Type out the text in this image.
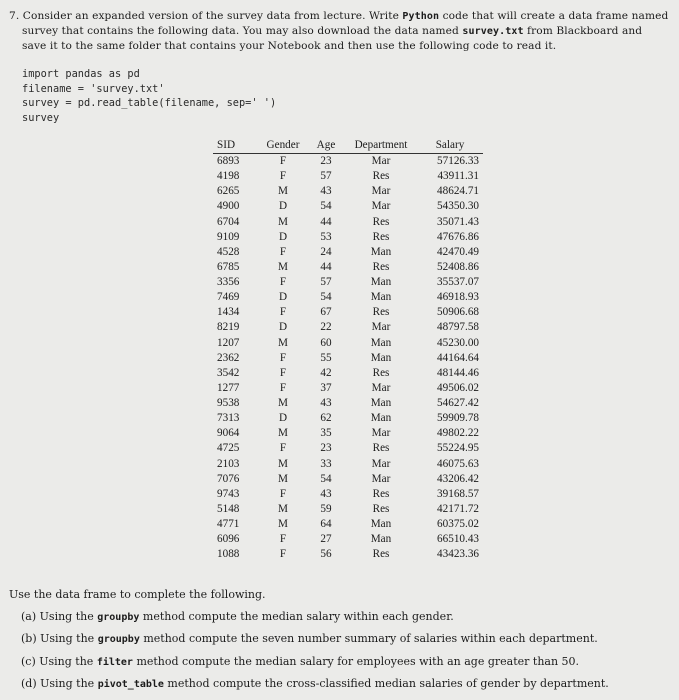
7. Consider an expanded version of the survey data from lecture. Write Python code that will create a data frame named
survey that contains the following data. You may also download the data named survey.txt from Blackboard and
save it to the same folder that contains your Notebook and then use the following code to read it.
import pandas as pd
filename = 'survey.txt'
survey = pd.read_table(filename, sep=' ')
survey
SID	Gender	Age	Department	Salary
6893	F	23	Mar	57126.33
4198	F	57	Res	43911.31
6265	M	43	Mar	48624.71
4900	D	54	Mar	54350.30
6704	M	44	Res	35071.43
9109	D	53	Res	47676.86
4528	F	24	Man	42470.49
6785	M	44	Res	52408.86
3356	F	57	Man	35537.07
7469	D	54	Man	46918.93
1434	F	67	Res	50906.68
8219	D	22	Mar	48797.58
1207	M	60	Man	45230.00
2362	F	55	Man	44164.64
3542	F	42	Res	48144.46
1277	F	37	Mar	49506.02
9538	M	43	Man	54627.42
7313	D	62	Man	59909.78
9064	M	35	Mar	49802.22
4725	F	23	Res	55224.95
2103	M	33	Mar	46075.63
7076	M	54	Mar	43206.42
9743	F	43	Res	39168.57
5148	M	59	Res	42171.72
4771	M	64	Man	60375.02
6096	F	27	Man	66510.43
1088	F	56	Res	43423.36
Use the data frame to complete the following.
(a) Using the groupby method compute the median salary within each gender.
(b) Using the groupby method compute the seven number summary of salaries within each department.
(c) Using the filter method compute the median salary for employees with an age greater than 50.
(d) Using the pivot_table method compute the cross-classified median salaries of gender by department.
